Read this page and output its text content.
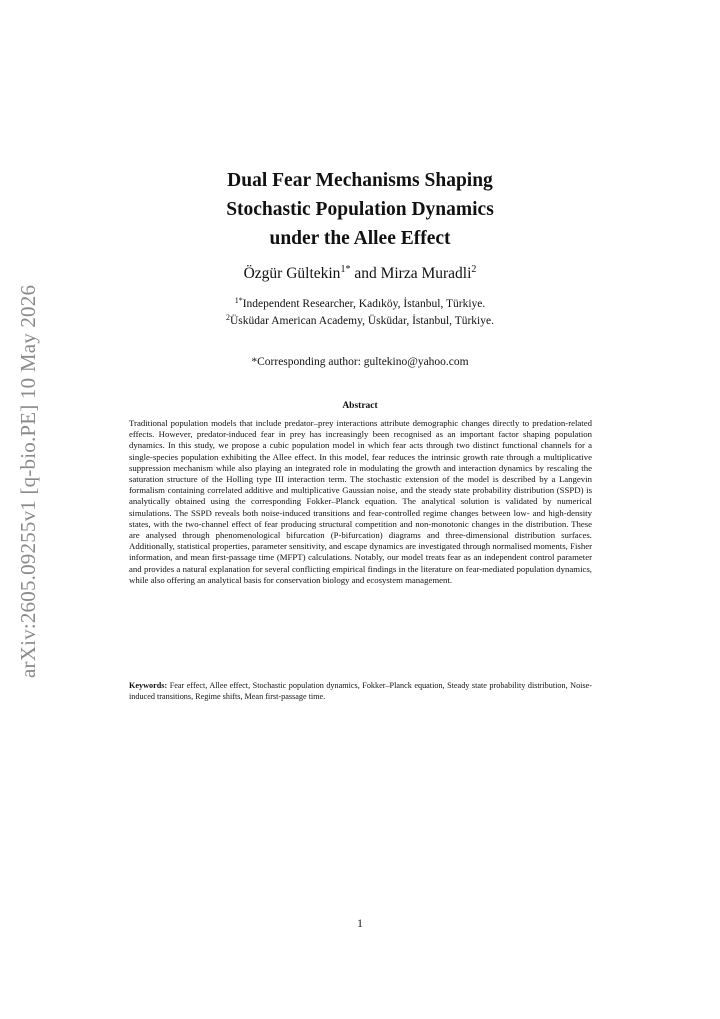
arXiv:2605.09255v1 [q-bio.PE] 10 May 2026
Dual Fear Mechanisms Shaping
Stochastic Population Dynamics
under the Allee Effect
Özgür Gültekin$^{1*}$ and Mirza Muradli$^2$
$^{1*}$Independent Researcher, Kadıköy, İstanbul, Türkiye.
$^2$Üsküdar American Academy, Üsküdar, İstanbul, Türkiye.
*Corresponding author: gultekino@yahoo.com
Abstract
Traditional population models that include predator–prey interactions attribute demographic changes directly to predation-related effects. However, predator-induced fear in prey has increasingly been recognised as an important factor shaping population dynamics. In this study, we propose a cubic population model in which fear acts through two distinct functional channels for a single-species population exhibiting the Allee effect. In this model, fear reduces the intrinsic growth rate through a multiplicative suppression mechanism while also playing an integrated role in modulating the growth and interaction dynamics by rescaling the saturation structure of the Holling type III interaction term. The stochastic extension of the model is described by a Langevin formalism containing correlated additive and multiplicative Gaussian noise, and the steady state probability distribution (SSPD) is analytically obtained using the corresponding Fokker–Planck equation. The analytical solution is validated by numerical simulations. The SSPD reveals both noise-induced transitions and fear-controlled regime changes between low- and high-density states, with the two-channel effect of fear producing structural competition and non-monotonic changes in the distribution. These are analysed through phenomenological bifurcation (P-bifurcation) diagrams and three-dimensional distribution surfaces. Additionally, statistical properties, parameter sensitivity, and escape dynamics are investigated through normalised moments, Fisher information, and mean first-passage time (MFPT) calculations. Notably, our model treats fear as an independent control parameter and provides a natural explanation for several conflicting empirical findings in the literature on fear-mediated population dynamics, while also offering an analytical basis for conservation biology and ecosystem management.
Keywords: Fear effect, Allee effect, Stochastic population dynamics, Fokker–Planck equation, Steady state probability distribution, Noise-induced transitions, Regime shifts, Mean first-passage time.
1
